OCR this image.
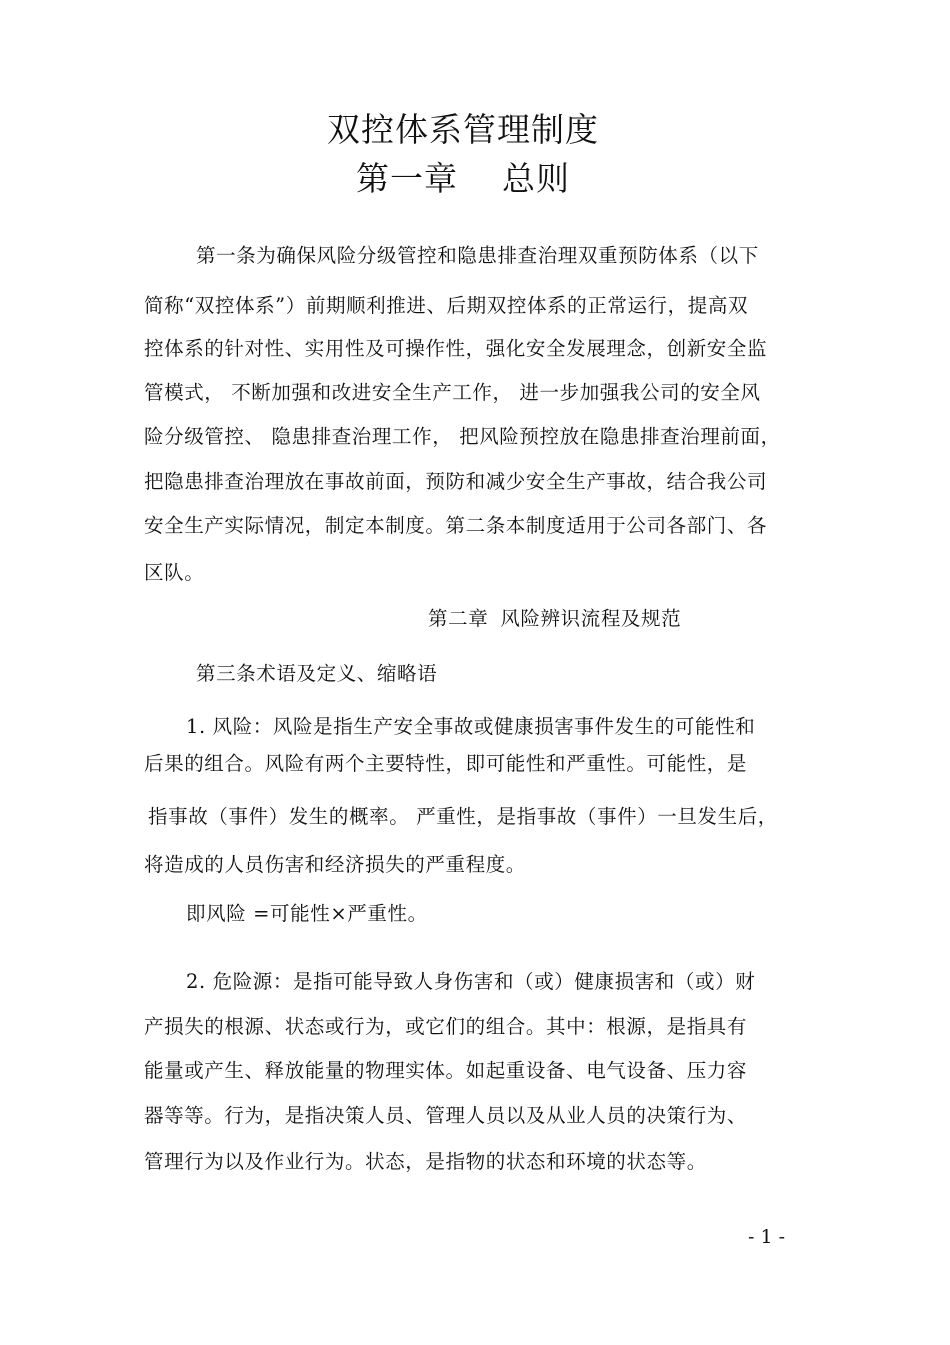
双控体系管理制度
第一章 总则
第一条为确保风险分级管控和隐患排查治理双重预防体系（以下
简称“双控体系”）前期顺利推进、后期双控体系的正常运行，提高双
控体系的针对性、实用性及可操作性，强化安全发展理念，创新安全监
管模式， 不断加强和改进安全生产工作， 进一步加强我公司的安全风
险分级管控、 隐患排查治理工作， 把风险预控放在隐患排查治理前面，
把隐患排查治理放在事故前面，预防和减少安全生产事故，结合我公司
安全生产实际情况，制定本制度。第二条本制度适用于公司各部门、各
区队。
第二章 风险辨识流程及规范
第三条术语及定义、缩略语
1. 风险：风险是指生产安全事故或健康损害事件发生的可能性和
后果的组合。风险有两个主要特性，即可能性和严重性。可能性，是
指事故（事件）发生的概率。 严重性，是指事故（事件）一旦发生后，
将造成的人员伤害和经济损失的严重程度。
即风险 =可能性×严重性。
2. 危险源：是指可能导致人身伤害和（或）健康损害和（或）财
产损失的根源、状态或行为，或它们的组合。其中：根源，是指具有
能量或产生、释放能量的物理实体。如起重设备、电气设备、压力容
器等等。行为，是指决策人员、管理人员以及从业人员的决策行为、
管理行为以及作业行为。状态，是指物的状态和环境的状态等。
- 1 -
